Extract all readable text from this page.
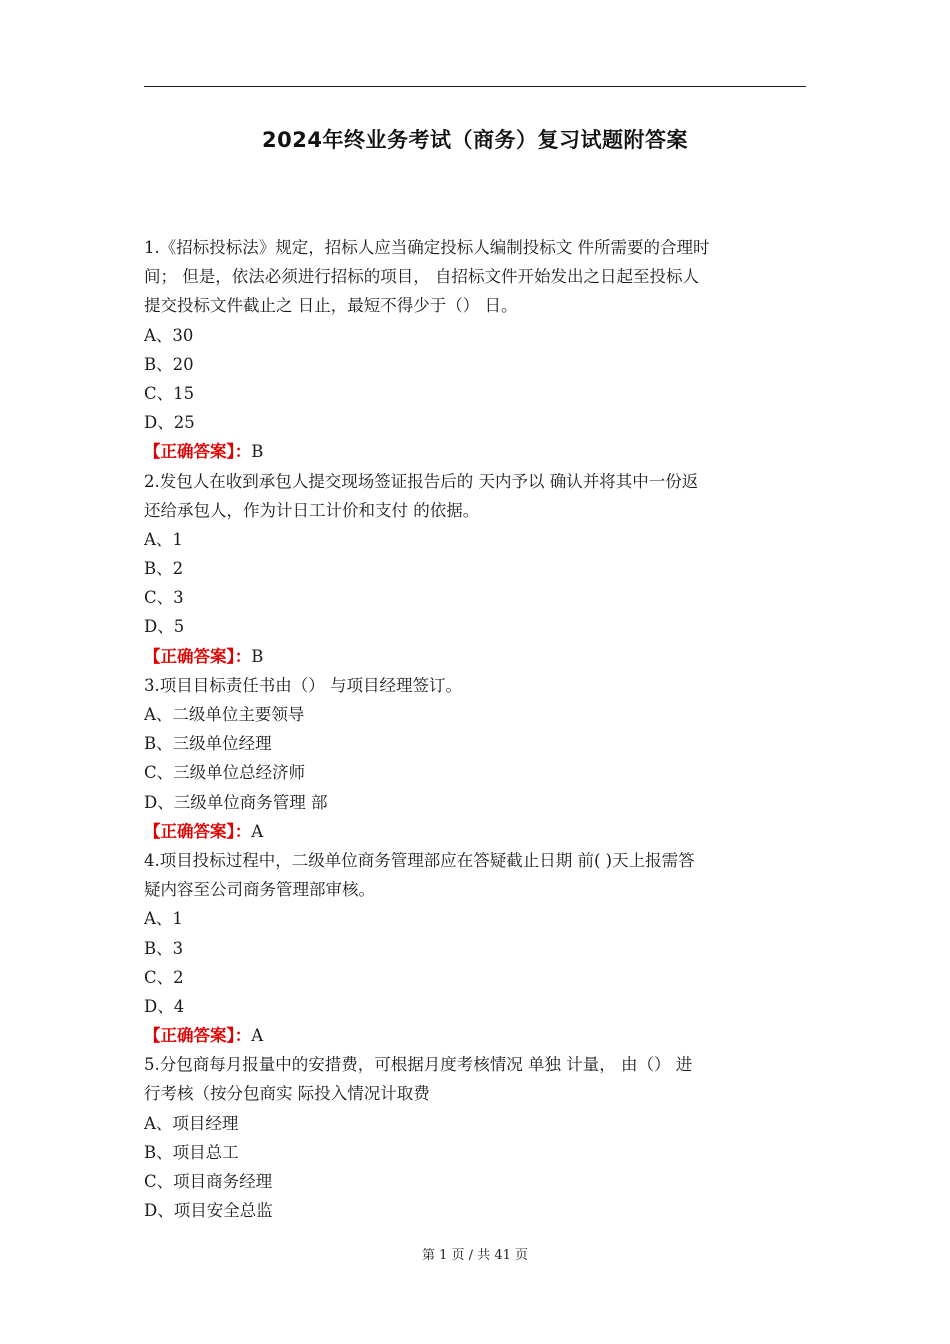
2024年终业务考试（商务）复习试题附答案
1.《招标投标法》规定，招标人应当确定投标人编制投标文 件所需要的合理时
间； 但是，依法必须进行招标的项目， 自招标文件开始发出之日起至投标人
提交投标文件截止之 日止，最短不得少于（） 日。
A、30
B、20
C、15
D、25
【正确答案】：B
2.发包人在收到承包人提交现场签证报告后的 天内予以 确认并将其中一份返
还给承包人，作为计日工计价和支付 的依据。
A、1
B、2
C、3
D、5
【正确答案】：B
3.项目目标责任书由（） 与项目经理签订。
A、二级单位主要领导
B、三级单位经理
C、三级单位总经济师
D、三级单位商务管理 部
【正确答案】：A
4.项目投标过程中，二级单位商务管理部应在答疑截止日期 前( )天上报需答
疑内容至公司商务管理部审核。
A、1
B、3
C、2
D、4
【正确答案】：A
5.分包商每月报量中的安措费，可根据月度考核情况 单独 计量， 由（） 进
行考核（按分包商实 际投入情况计取费
A、项目经理
B、项目总工
C、项目商务经理
D、项目安全总监
第 1 页 / 共 41 页
